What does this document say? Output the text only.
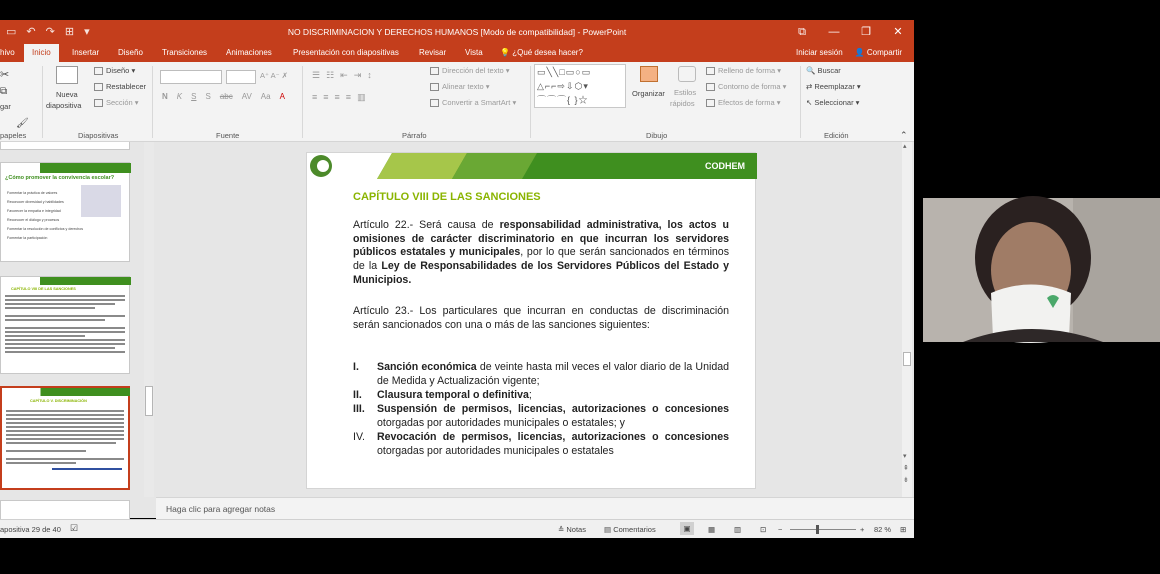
▭ ↶ ↷ ⊞ ▾	NO DISCRIMINACION Y DERECHOS HUMANOS [Modo de compatibilidad] - PowerPoint	⧉	—	❐	✕
hivo	Inicio	Insertar Diseño Transiciones Animaciones	Presentación con diapositivas	Revisar Vista 💡 ¿Qué desea hacer?	Iniciar sesión 👤 Compartir
✂
⧉
gar
🖌
papeles
Nueva
diapositiva
Diseño ▾
Restablecer
Sección ▾
Diapositivas
A⁺ A⁻ ✗
N K S S abc AV Aa A
Fuente
☰ ☷ ⇤ ⇥ ↕
≡ ≡ ≡ ≡ ▥
Dirección del texto ▾
Alinear texto ▾
Convertir a SmartArt ▾
Párrafo
▭╲╲□▭○▭
△⌐⌐⇨⇩⬡▾
⌒⌒⌒{ }☆
Organizar Estilos
rápidos
Relleno de forma ▾
Contorno de forma ▾
Efectos de forma ▾
Dibujo
🔍 Buscar
⇄ Reemplazar ▾
↖ Seleccionar ▾
Edición	⌃
¿Cómo promover la convivencia escolar?
Fomentar la práctica de valores
Reconocer diversidad y habilidades
Favorecer la empatía e integridad
Reconocer el diálogo y procesos
Fomentar la resolución de conflictos y derechos
Fomentar la participación
CAPÍTULO VIII DE LAS SANCIONES
CAPÍTULO V. DISCRIMINACIÓN
CODHEM
CAPÍTULO VIII DE LAS SANCIONES
Artículo 22.- Será causa de responsabilidad administrativa, los actos u omisiones de carácter discriminatorio en que incurran los servidores públicos estatales y municipales, por lo que serán sancionados en términos de la Ley de Responsabilidades de los Servidores Públicos del Estado y Municipios.
Artículo 23.- Los particulares que incurran en conductas de discriminación serán sancionados con una o más de las sanciones siguientes:
I. Sanción económica de veinte hasta mil veces el valor diario de la Unidad de Medida y Actualización vigente;
II. Clausura temporal o definitiva;
III. Suspensión de permisos, licencias, autorizaciones o concesiones otorgadas por autoridades municipales o estatales; y
IV. Revocación de permisos, licencias, autorizaciones o concesiones otorgadas por autoridades municipales o estatales
▴
▾
⇞
⇟
Haga clic para agregar notas
apositiva 29 de 40 ☑	≙ Notas ▤ Comentarios	▣	▦	▥	⊡ −	+ 82 % ⊞
